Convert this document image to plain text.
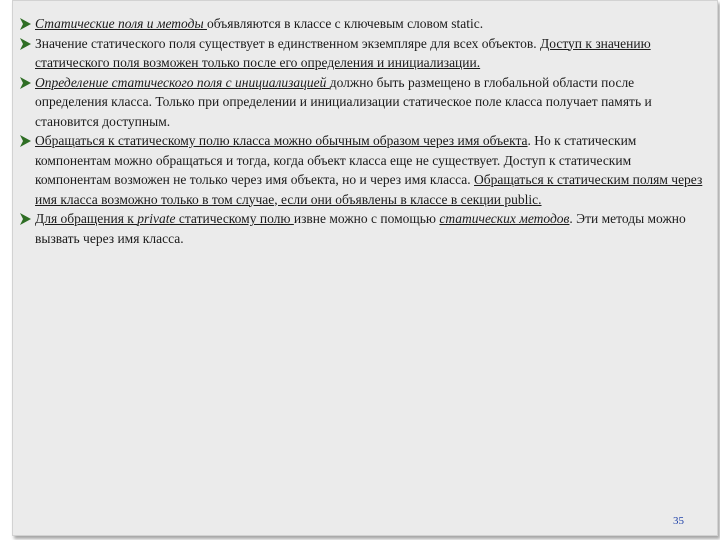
Статические поля и методы объявляются в классе с ключевым словом static.
Значение статического поля существует в единственном экземпляре для всех объектов. Доступ к значению статического поля возможен только после его определения и инициализации.
Определение статического поля с инициализацией должно быть размещено в глобальной области после определения класса. Только при определении и инициализации статическое поле класса получает память и становится доступным.
Обращаться к статическому полю класса можно обычным образом через имя объекта. Но к статическим компонентам можно обращаться и тогда, когда объект класса еще не существует. Доступ к статическим компонентам возможен не только через имя объекта, но и через имя класса. Обращаться к статическим полям через имя класса возможно только в том случае, если они объявлены в классе в секции public.
Для обращения к private статическому полю извне можно с помощью статических методов. Эти методы можно вызвать через имя класса.
35
